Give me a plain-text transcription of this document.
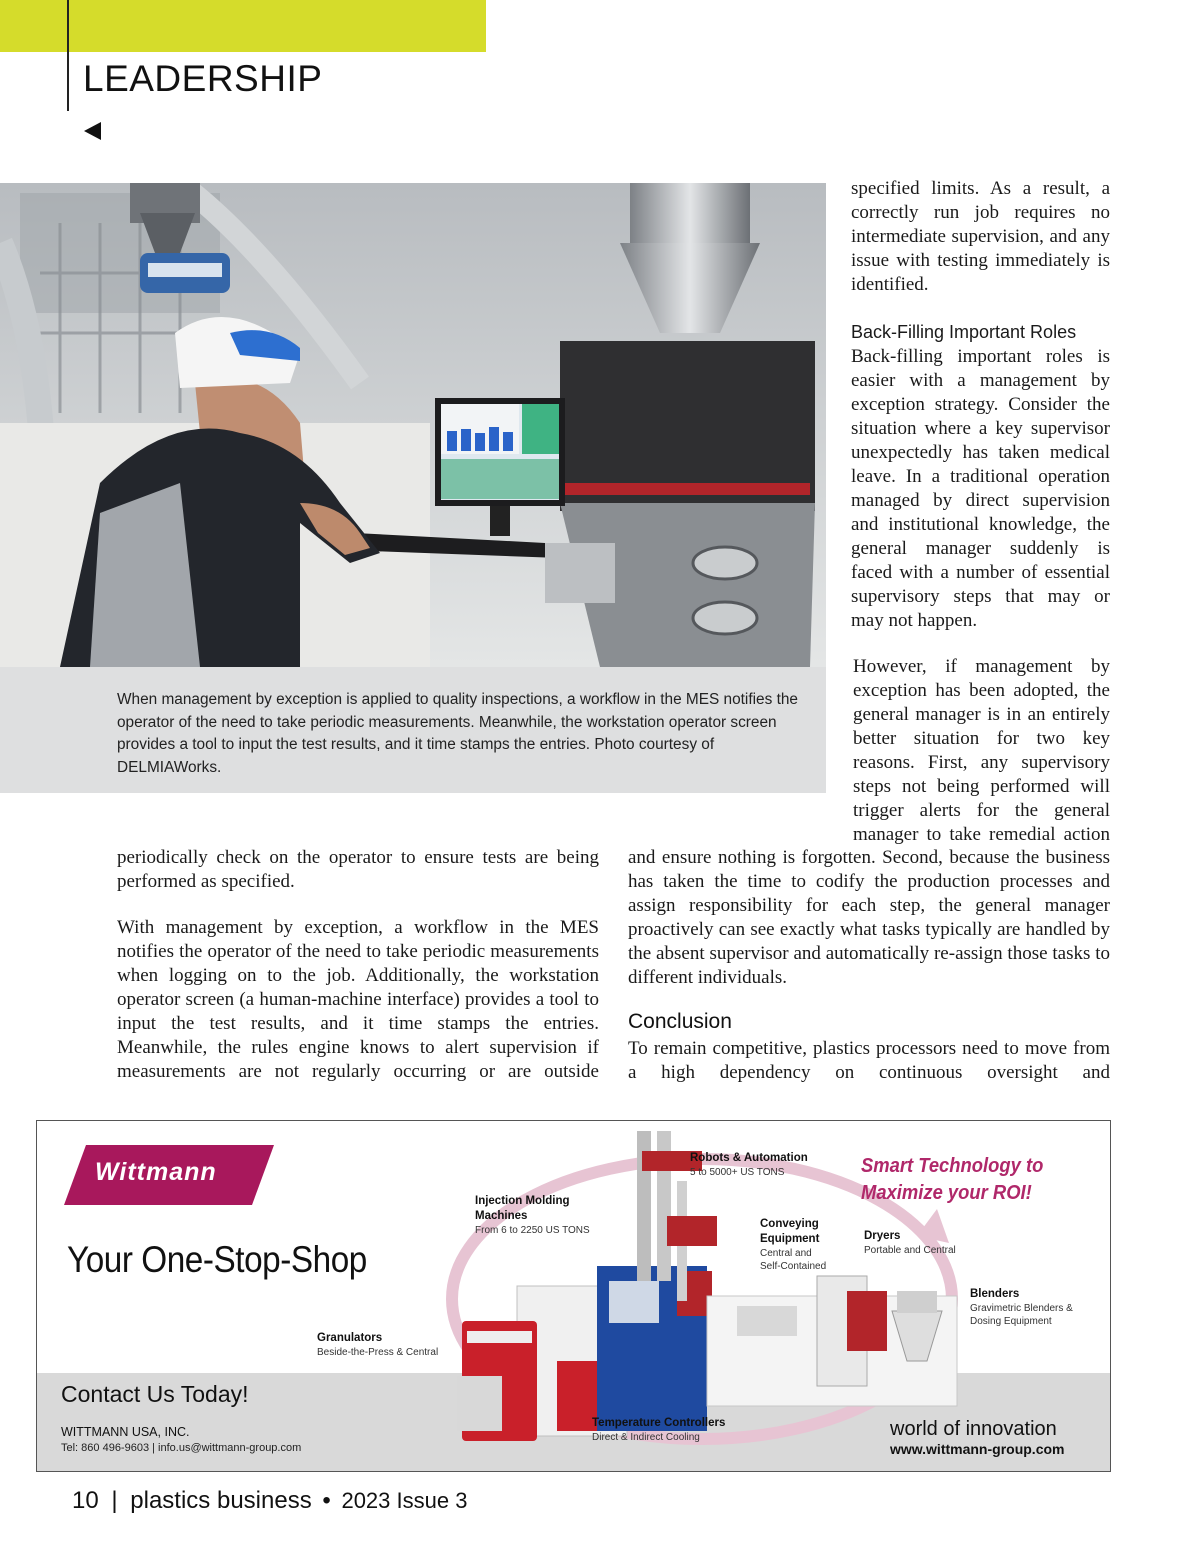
LEADERSHIP
When management by exception is applied to quality inspections, a workflow in the MES notifies the operator of the need to take periodic measurements. Meanwhile, the workstation operator screen provides a tool to input the test results, and it time stamps the entries. Photo courtesy of DELMIAWorks.

specified limits. As a result, a correctly run job requires no intermediate supervision, and any issue with testing immediately is identified.

Back-Filling Important Roles

Back-filling important roles is easier with a management by exception strategy. Consider the situation where a key supervisor unexpectedly has taken medical leave. In a traditional operation managed by direct supervision and institutional knowledge, the general manager suddenly is faced with a number of essential supervisory steps that may or may not happen.

However, if management by exception has been adopted, the general manager is in an entirely better situation for two key reasons. First, any supervisory steps not being performed will trigger alerts for the general manager to take remedial action

and ensure nothing is forgotten. Second, because the business has taken the time to codify the production processes and assign responsibility for each step, the general manager proactively can see exactly what tasks typically are handled by the absent supervisor and automatically re-assign those tasks to different individuals.

Conclusion

To remain competitive, plastics processors need to move from a high dependency on continuous oversight and

periodically check on the operator to ensure tests are being performed as specified.

With management by exception, a workflow in the MES notifies the operator of the need to take periodic measurements when logging on to the job. Additionally, the workstation operator screen (a human-machine interface) provides a tool to input the test results, and it time stamps the entries. Meanwhile, the rules engine knows to alert supervision if measurements are not regularly occurring or are outside

Wittmann
Your One-Stop-Shop
Smart Technology to
Maximize your ROI!
Robots & Automation
5 to 5000+ US TONS
Injection Molding
Machines
From 6 to 2250 US TONS
Conveying
Equipment
Central and
Self-Contained
Dryers
Portable and Central
Blenders
Gravimetric Blenders &
Dosing Equipment
Granulators
Beside-the-Press & Central
Temperature Controllers
Direct & Indirect Cooling
Contact Us Today!
WITTMANN USA, INC.
Tel: 860 496-9603 | info.us@wittmann-group.com
world of innovation
www.wittmann-group.com
10 | plastics business • 2023 Issue 3
